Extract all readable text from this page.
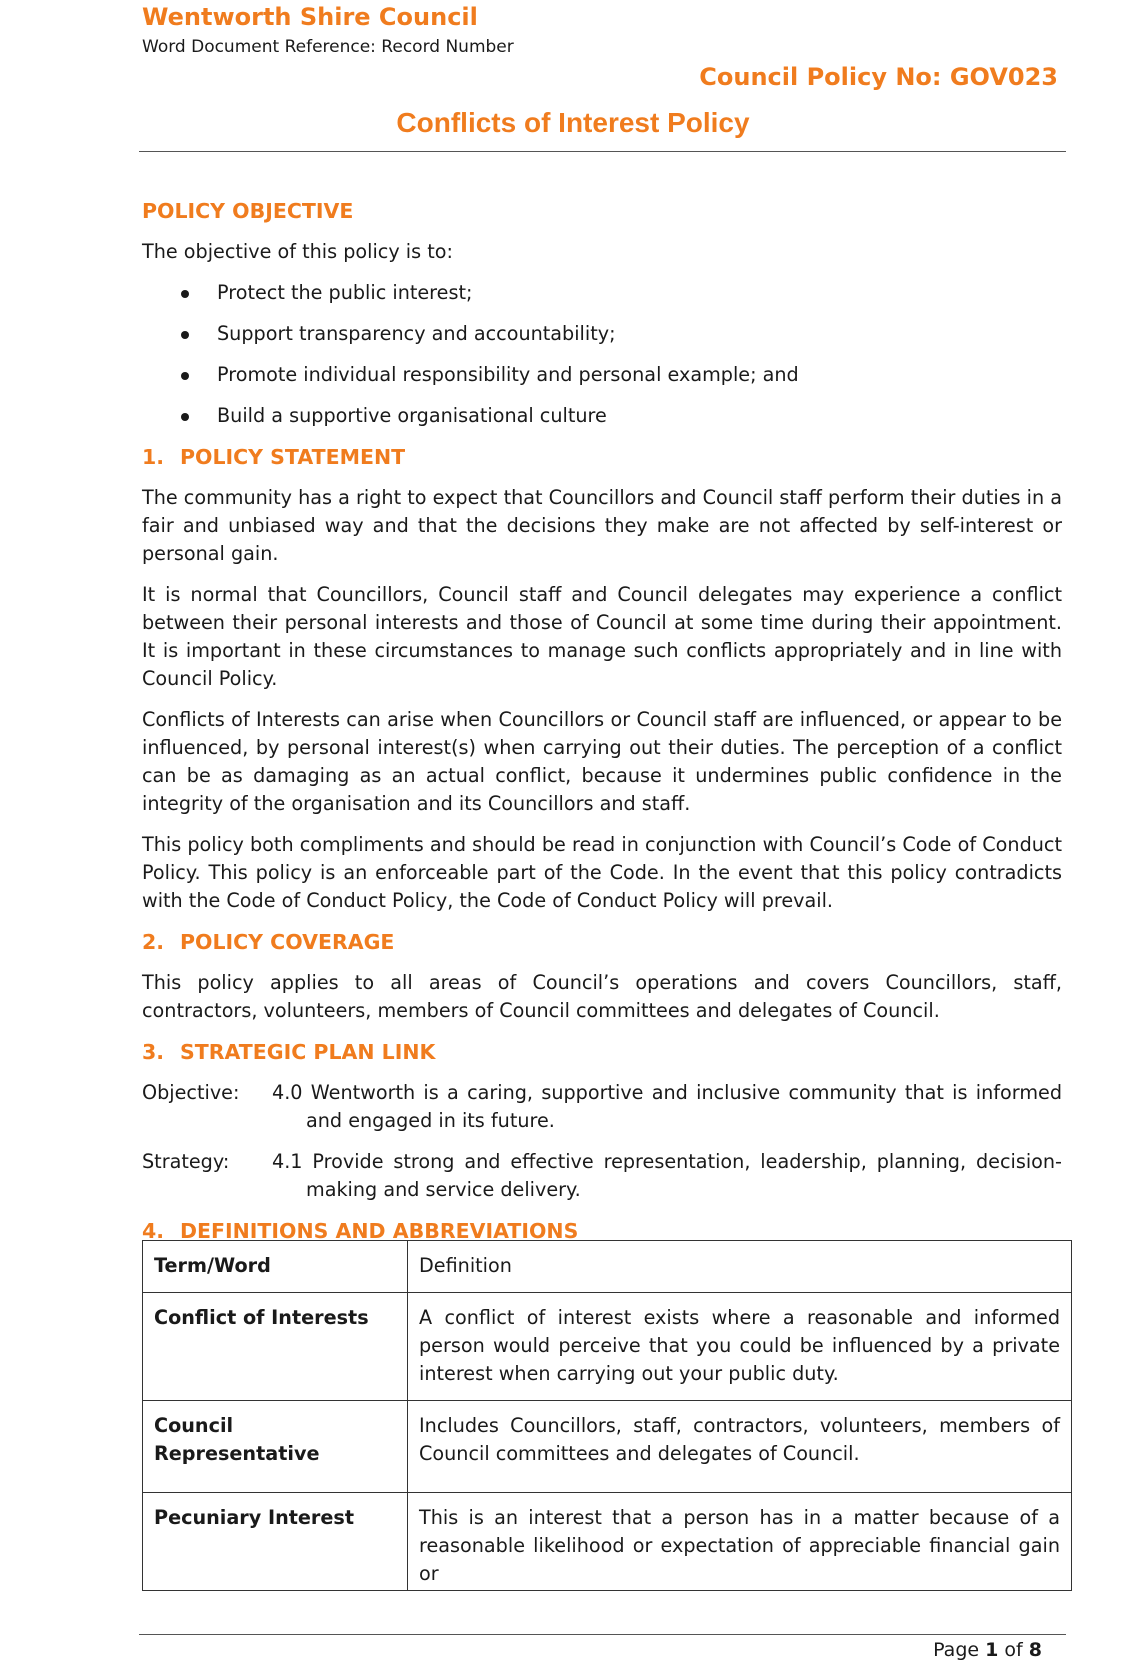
Wentworth Shire Council
Word Document Reference: Record Number
Council Policy No: GOV023
Conflicts of Interest Policy
POLICY OBJECTIVE

The objective of this policy is to:

Protect the public interest;
Support transparency and accountability;
Promote individual responsibility and personal example; and
Build a supportive organisational culture
1. POLICY STATEMENT

The community has a right to expect that Councillors and Council staff perform their duties in a fair and unbiased way and that the decisions they make are not affected by self-interest or personal gain.

It is normal that Councillors, Council staff and Council delegates may experience a conflict between their personal interests and those of Council at some time during their appointment. It is important in these circumstances to manage such conflicts appropriately and in line with Council Policy.

Conflicts of Interests can arise when Councillors or Council staff are influenced, or appear to be influenced, by personal interest(s) when carrying out their duties. The perception of a conflict can be as damaging as an actual conflict, because it undermines public confidence in the integrity of the organisation and its Councillors and staff.

This policy both compliments and should be read in conjunction with Council’s Code of Conduct Policy. This policy is an enforceable part of the Code. In the event that this policy contradicts with the Code of Conduct Policy, the Code of Conduct Policy will prevail.

2. POLICY COVERAGE

This policy applies to all areas of Council’s operations and covers Councillors, staff, contractors, volunteers, members of Council committees and delegates of Council.

3. STRATEGIC PLAN LINK
Objective:	4.0 Wentworth is a caring, supportive and inclusive community that is informed and engaged in its future.
Strategy:	4.1 Provide strong and effective representation, leadership, planning, decision-making and service delivery.
4. DEFINITIONS AND ABBREVIATIONS
Term/Word	Definition
Conflict of Interests	A conflict of interest exists where a reasonable and informed person would perceive that you could be influenced by a private interest when carrying out your public duty.
Council Representative	Includes Councillors, staff, contractors, volunteers, members of Council committees and delegates of Council.
Pecuniary Interest	This is an interest that a person has in a matter because of a reasonable likelihood or expectation of appreciable financial gain or
Page 1 of 8
